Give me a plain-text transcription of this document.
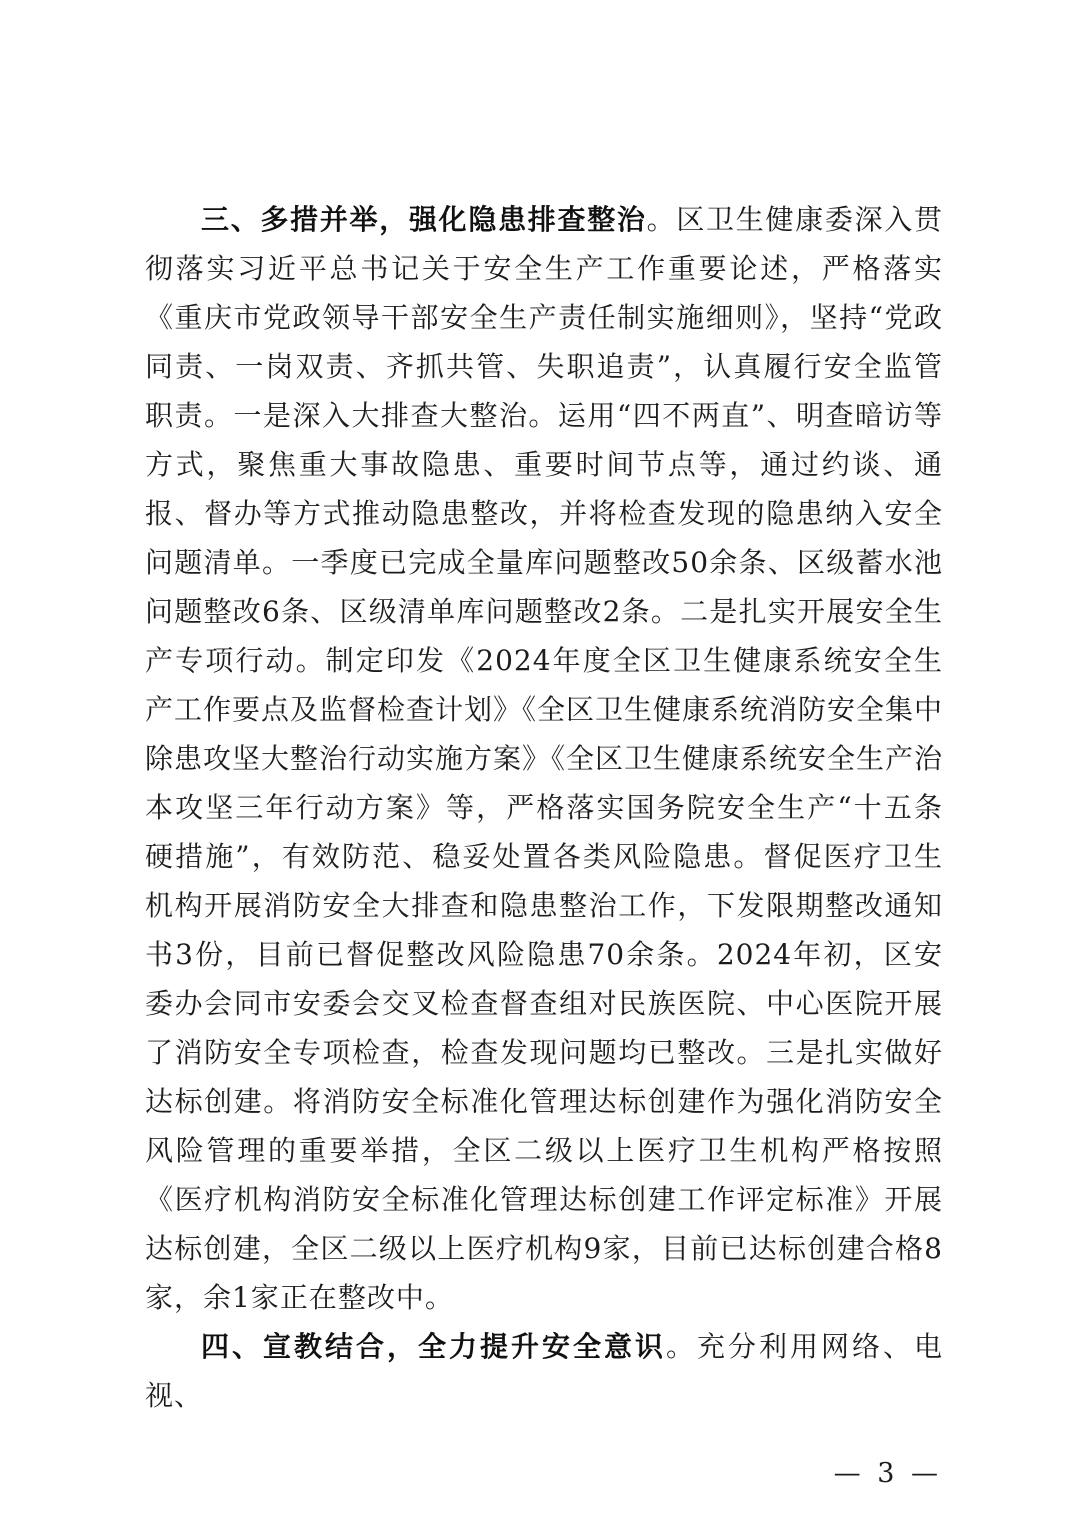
三、多措并举，强化隐患排查整治。区卫生健康委深入贯彻落实习近平总书记关于安全生产工作重要论述，严格落实《重庆市党政领导干部安全生产责任制实施细则》，坚持“党政同责、一岗双责、齐抓共管、失职追责”，认真履行安全监管职责。一是深入大排查大整治。运用“四不两直”、明查暗访等方式，聚焦重大事故隐患、重要时间节点等，通过约谈、通报、督办等方式推动隐患整改，并将检查发现的隐患纳入安全问题清单。一季度已完成全量库问题整改50余条、区级蓄水池问题整改6条、区级清单库问题整改2条。二是扎实开展安全生产专项行动。制定印发《2024年度全区卫生健康系统安全生产工作要点及监督检查计划》《全区卫生健康系统消防安全集中除患攻坚大整治行动实施方案》《全区卫生健康系统安全生产治本攻坚三年行动方案》等，严格落实国务院安全生产“十五条硬措施”，有效防范、稳妥处置各类风险隐患。督促医疗卫生机构开展消防安全大排查和隐患整治工作，下发限期整改通知书3份，目前已督促整改风险隐患70余条。2024年初，区安委办会同市安委会交叉检查督查组对民族医院、中心医院开展了消防安全专项检查，检查发现问题均已整改。三是扎实做好达标创建。将消防安全标准化管理达标创建作为强化消防安全风险管理的重要举措，全区二级以上医疗卫生机构严格按照《医疗机构消防安全标准化管理达标创建工作评定标准》开展达标创建，全区二级以上医疗机构9家，目前已达标创建合格8家，余1家正在整改中。

四、宣教结合，全力提升安全意识。充分利用网络、电视、

— 3 —
